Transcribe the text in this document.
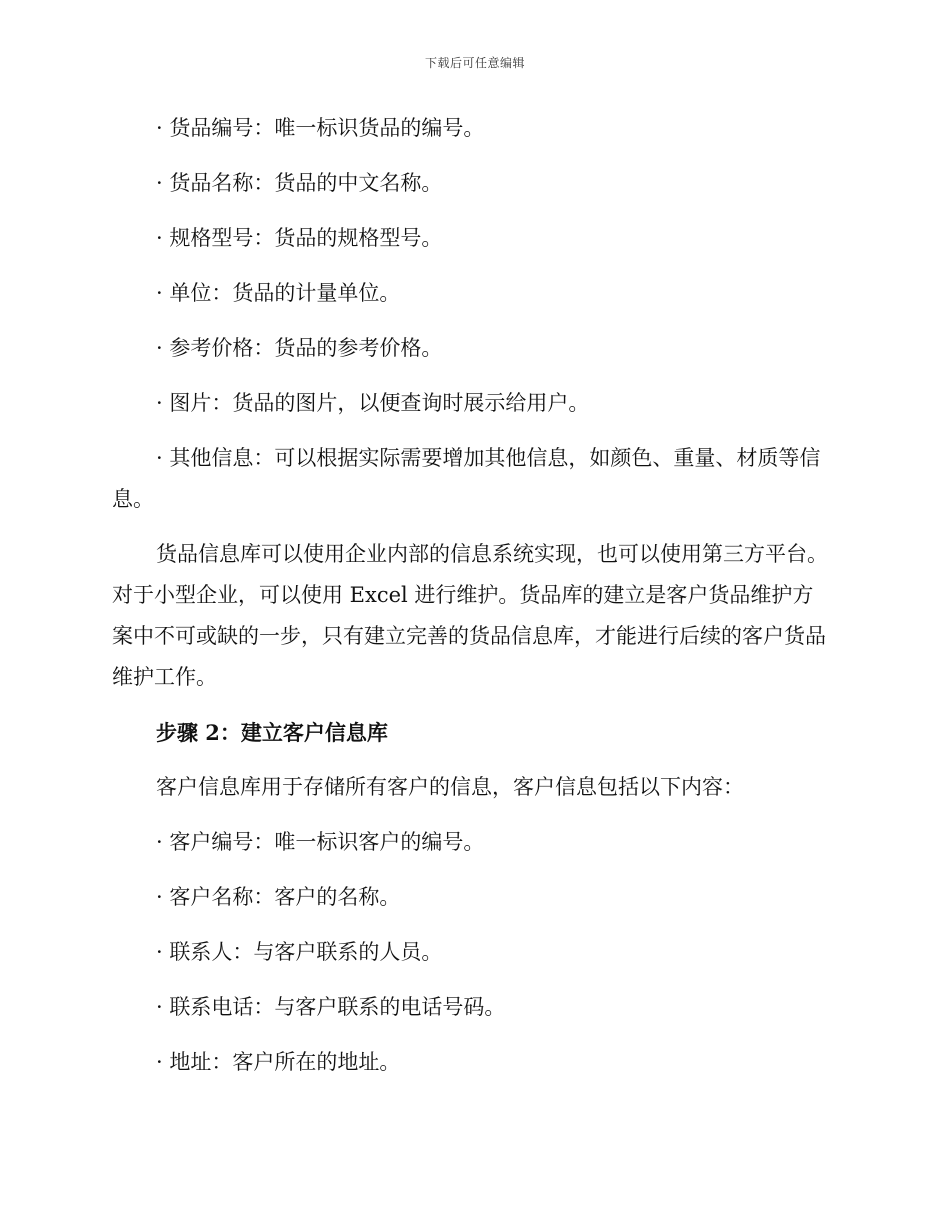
下载后可任意编辑

· 货品编号：唯一标识货品的编号。

· 货品名称：货品的中文名称。

· 规格型号：货品的规格型号。

· 单位：货品的计量单位。

· 参考价格：货品的参考价格。

· 图片：货品的图片，以便查询时展示给用户。

· 其他信息：可以根据实际需要增加其他信息，如颜色、重量、材质等信息。

货品信息库可以使用企业内部的信息系统实现，也可以使用第三方平台。对于小型企业，可以使用 Excel 进行维护。货品库的建立是客户货品维护方案中不可或缺的一步，只有建立完善的货品信息库，才能进行后续的客户货品维护工作。

步骤 2：建立客户信息库

客户信息库用于存储所有客户的信息，客户信息包括以下内容：

· 客户编号：唯一标识客户的编号。

· 客户名称：客户的名称。

· 联系人：与客户联系的人员。

· 联系电话：与客户联系的电话号码。

· 地址：客户所在的地址。
